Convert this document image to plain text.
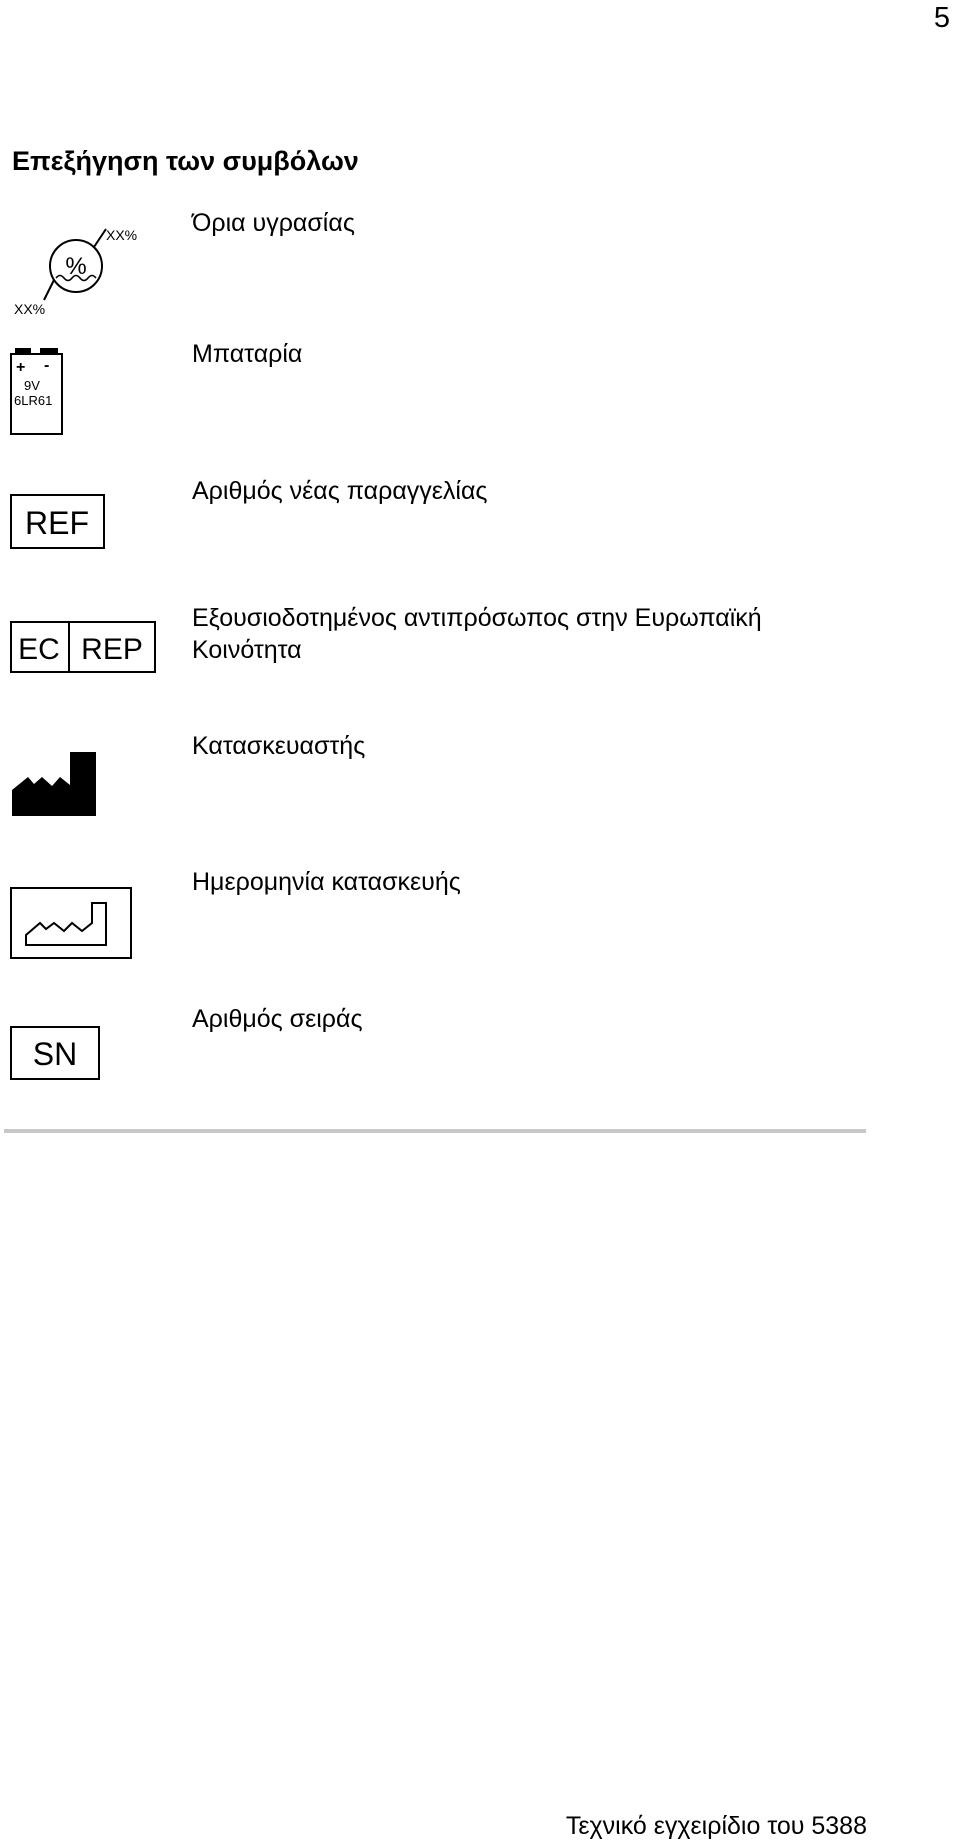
5
Επεξήγηση των συμβόλων
%
XX%
XX%
Όρια υγρασίας
+ -
9V
6LR61
Μπαταρία
REF
Αριθμός νέας παραγγελίας
EC REP
Εξουσιοδοτημένος αντιπρόσωπος στην Ευρωπαϊκή
Κοινότητα
Κατασκευαστής
Ημερομηνία κατασκευής
SN
Αριθμός σειράς
Τεχνικό εγχειρίδιο του 5388
